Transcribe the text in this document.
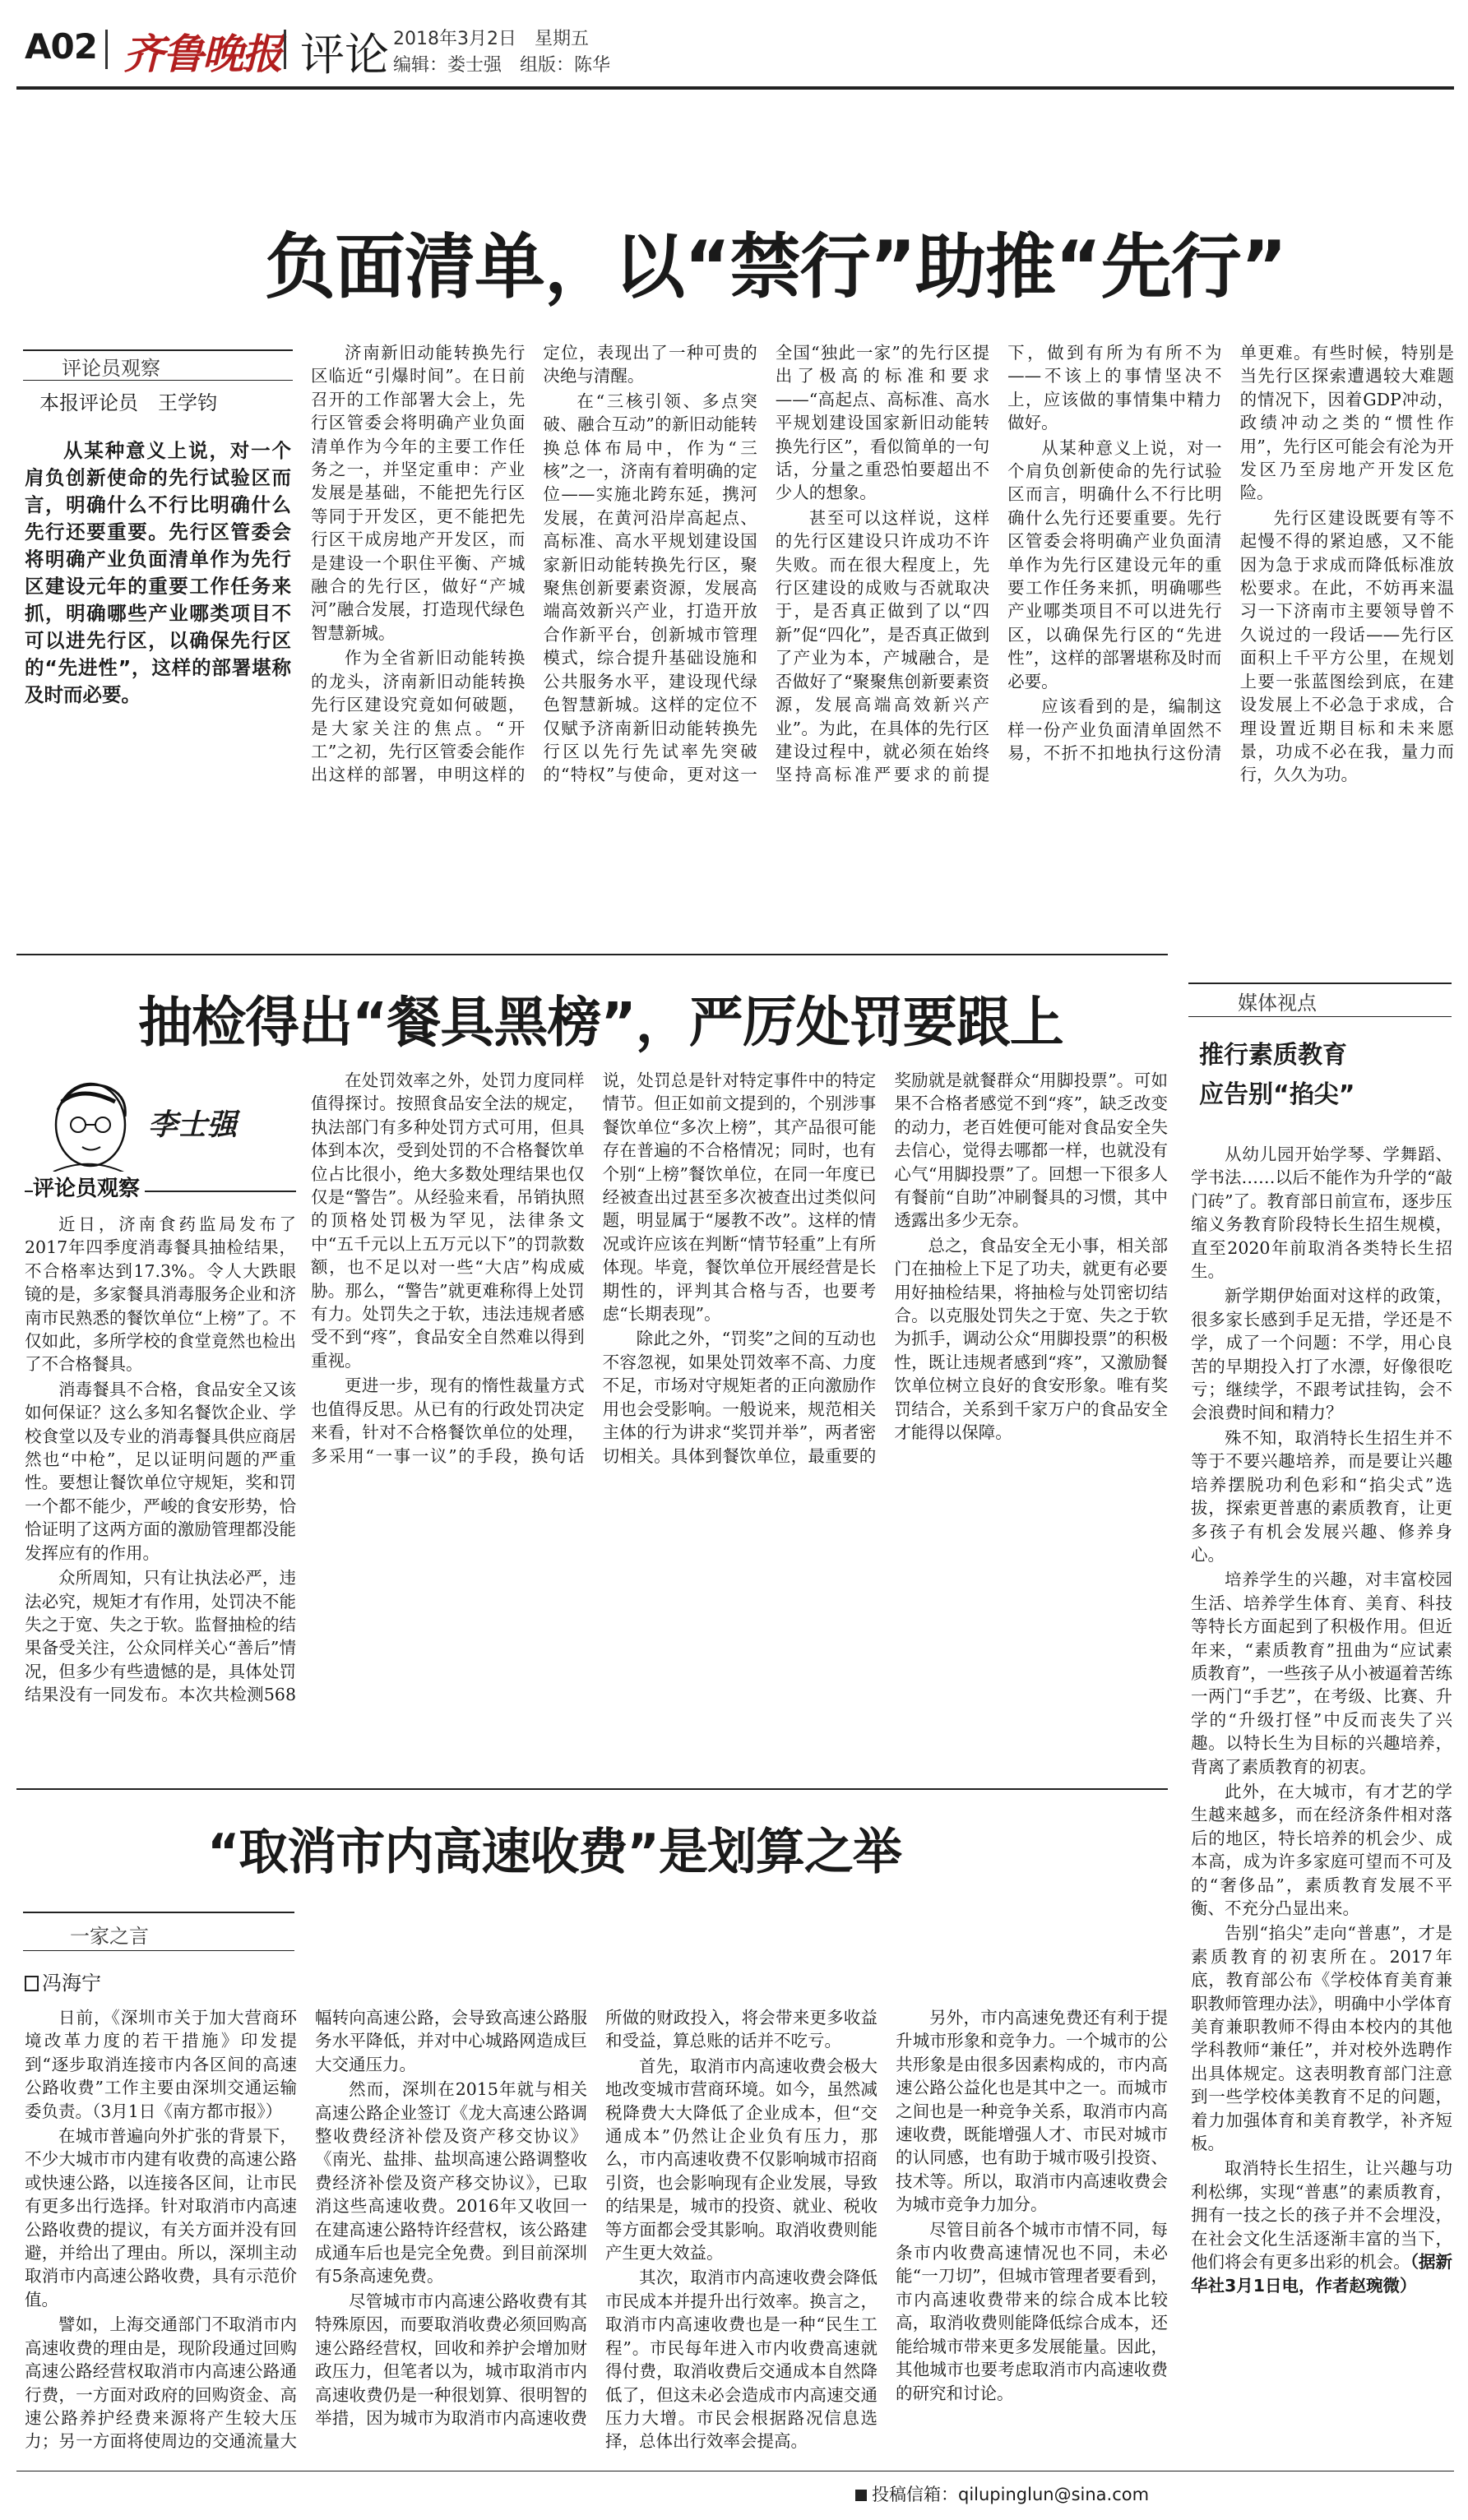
A02 齐鲁晚报 评论 2018年3月2日　星期五
编辑：娄士强　组版：陈华
负面清单，以“禁行”助推“先行”
评论员观察
本报评论员　王学钧

从某种意义上说，对一个肩负创新使命的先行试验区而言，明确什么不行比明确什么先行还要重要。先行区管委会将明确产业负面清单作为先行区建设元年的重要工作任务来抓，明确哪些产业哪类项目不可以进先行区，以确保先行区的“先进性”，这样的部署堪称及时而必要。

济南新旧动能转换先行区临近“引爆时间”。在日前召开的工作部署大会上，先行区管委会将明确产业负面清单作为今年的主要工作任务之一，并坚定重申：产业发展是基础，不能把先行区等同于开发区，更不能把先行区干成房地产开发区，而是建设一个职住平衡、产城融合的先行区，做好“产城河”融合发展，打造现代绿色智慧新城。

作为全省新旧动能转换的龙头，济南新旧动能转换先行区建设究竟如何破题，是大家关注的焦点。“开工”之初，先行区管委会能作出这样的部署，申明这样的定位，表现出了一种可贵的决绝与清醒。

在“三核引领、多点突破、融合互动”的新旧动能转换总体布局中，作为“三核”之一，济南有着明确的定位——实施北跨东延，携河发展，在黄河沿岸高起点、高标准、高水平规划建设国家新旧动能转换先行区，聚聚焦创新要素资源，发展高端高效新兴产业，打造开放合作新平台，创新城市管理模式，综合提升基础设施和公共服务水平，建设现代绿色智慧新城。这样的定位不仅赋予济南新旧动能转换先行区以先行先试率先突破的“特权”与使命，更对这一全国“独此一家”的先行区提出了极高的标准和要求——“高起点、高标准、高水平规划建设国家新旧动能转换先行区”，看似简单的一句话，分量之重恐怕要超出不少人的想象。

甚至可以这样说，这样的先行区建设只许成功不许失败。而在很大程度上，先行区建设的成败与否就取决于，是否真正做到了以“四新”促“四化”，是否真正做到了产业为本，产城融合，是否做好了“聚聚焦创新要素资源，发展高端高效新兴产业”。为此，在具体的先行区建设过程中，就必须在始终坚持高标准严要求的前提下，做到有所为有所不为——不该上的事情坚决不上，应该做的事情集中精力做好。

从某种意义上说，对一个肩负创新使命的先行试验区而言，明确什么不行比明确什么先行还要重要。先行区管委会将明确产业负面清单作为先行区建设元年的重要工作任务来抓，明确哪些产业哪类项目不可以进先行区，以确保先行区的“先进性”，这样的部署堪称及时而必要。

应该看到的是，编制这样一份产业负面清单固然不易，不折不扣地执行这份清单更难。有些时候，特别是当先行区探索遭遇较大难题的情况下，因着GDP冲动，政绩冲动之类的“惯性作用”，先行区可能会有沦为开发区乃至房地产开发区危险。

先行区建设既要有等不起慢不得的紧迫感，又不能因为急于求成而降低标准放松要求。在此，不妨再来温习一下济南市主要领导曾不久说过的一段话——先行区面积上千平方公里，在规划上要一张蓝图绘到底，在建设发展上不必急于求成，合理设置近期目标和未来愿景，功成不必在我，量力而行，久久为功。

抽检得出“餐具黑榜”，严厉处罚要跟上
李士强
评论员观察

近日，济南食药监局发布了2017年四季度消毒餐具抽检结果，不合格率达到17.3%。令人大跌眼镜的是，多家餐具消毒服务企业和济南市民熟悉的餐饮单位“上榜”了。不仅如此，多所学校的食堂竟然也检出了不合格餐具。

消毒餐具不合格，食品安全又该如何保证？这么多知名餐饮企业、学校食堂以及专业的消毒餐具供应商居然也“中枪”，足以证明问题的严重性。要想让餐饮单位守规矩，奖和罚一个都不能少，严峻的食安形势，恰恰证明了这两方面的激励管理都没能发挥应有的作用。

众所周知，只有让执法必严，违法必究，规矩才有作用，处罚决不能失之于宽、失之于软。监督抽检的结果备受关注，公众同样关心“善后”情况，但多少有些遗憾的是，具体处罚结果没有一同发布。本次共检测568

在处罚效率之外，处罚力度同样值得探讨。按照食品安全法的规定，执法部门有多种处罚方式可用，但具体到本次，受到处罚的不合格餐饮单位占比很小，绝大多数处理结果也仅仅是“警告”。从经验来看，吊销执照的顶格处罚极为罕见，法律条文中“五千元以上五万元以下”的罚款数额，也不足以对一些“大店”构成威胁。那么，“警告”就更难称得上处罚有力。处罚失之于软，违法违规者感受不到“疼”，食品安全自然难以得到重视。

更进一步，现有的惰性裁量方式也值得反思。从已有的行政处罚决定来看，针对不合格餐饮单位的处理，多采用“一事一议”的手段，换句话说，处罚总是针对特定事件中的特定情节。但正如前文提到的，个别涉事餐饮单位“多次上榜”，其产品很可能存在普遍的不合格情况；同时，也有个别“上榜”餐饮单位，在同一年度已经被查出过甚至多次被查出过类似问题，明显属于“屡教不改”。这样的情况或许应该在判断“情节轻重”上有所体现。毕竟，餐饮单位开展经营是长期性的，评判其合格与否，也要考虑“长期表现”。

除此之外，“罚奖”之间的互动也不容忽视，如果处罚效率不高、力度不足，市场对守规矩者的正向激励作用也会受影响。一般说来，规范相关主体的行为讲求“奖罚并举”，两者密切相关。具体到餐饮单位，最重要的奖励就是就餐群众“用脚投票”。可如果不合格者感觉不到“疼”，缺乏改变的动力，老百姓便可能对食品安全失去信心，觉得去哪都一样，也就没有心气“用脚投票”了。回想一下很多人有餐前“自助”冲刷餐具的习惯，其中透露出多少无奈。

总之，食品安全无小事，相关部门在抽检上下足了功夫，就更有必要用好抽检结果，将抽检与处罚密切结合。以克服处罚失之于宽、失之于软为抓手，调动公众“用脚投票”的积极性，既让违规者感到“疼”，又激励餐饮单位树立良好的食安形象。唯有奖罚结合，关系到千家万户的食品安全才能得以保障。

“取消市内高速收费”是划算之举
一家之言
冯海宁

日前，《深圳市关于加大营商环境改革力度的若干措施》印发提到“逐步取消连接市内各区间的高速公路收费”工作主要由深圳交通运输委负责。（3月1日《南方都市报》）

在城市普遍向外扩张的背景下，不少大城市市内建有收费的高速公路或快速公路，以连接各区间，让市民有更多出行选择。针对取消市内高速公路收费的提议，有关方面并没有回避，并给出了理由。所以，深圳主动取消市内高速公路收费，具有示范价值。

譬如，上海交通部门不取消市内高速收费的理由是，现阶段通过回购高速公路经营权取消市内高速公路通行费，一方面对政府的回购资金、高速公路养护经费来源将产生较大压力；另一方面将使周边的交通流量大幅转向高速公路，会导致高速公路服务水平降低，并对中心城路网造成巨大交通压力。

然而，深圳在2015年就与相关高速公路企业签订《龙大高速公路调整收费经济补偿及资产移交协议》《南光、盐排、盐坝高速公路调整收费经济补偿及资产移交协议》，已取消这些高速收费。2016年又收回一在建高速公路特许经营权，该公路建成通车后也是完全免费。到目前深圳有5条高速免费。

尽管城市市内高速公路收费有其特殊原因，而要取消收费必须回购高速公路经营权，回收和养护会增加财政压力，但笔者以为，城市取消市内高速收费仍是一种很划算、很明智的举措，因为城市为取消市内高速收费所做的财政投入，将会带来更多收益和受益，算总账的话并不吃亏。

首先，取消市内高速收费会极大地改变城市营商环境。如今，虽然减税降费大大降低了企业成本，但“交通成本”仍然让企业负有压力，那么，市内高速收费不仅影响城市招商引资，也会影响现有企业发展，导致的结果是，城市的投资、就业、税收等方面都会受其影响。取消收费则能产生更大效益。

其次，取消市内高速收费会降低市民成本并提升出行效率。换言之，取消市内高速收费也是一种“民生工程”。市民每年进入市内收费高速就得付费，取消收费后交通成本自然降低了，但这未必会造成市内高速交通压力大增。市民会根据路况信息选择，总体出行效率会提高。

另外，市内高速免费还有利于提升城市形象和竞争力。一个城市的公共形象是由很多因素构成的，市内高速公路公益化也是其中之一。而城市之间也是一种竞争关系，取消市内高速收费，既能增强人才、市民对城市的认同感，也有助于城市吸引投资、技术等。所以，取消市内高速收费会为城市竞争力加分。

尽管目前各个城市市情不同，每条市内收费高速情况也不同，未必能“一刀切”，但城市管理者要看到，市内高速收费带来的综合成本比较高，取消收费则能降低综合成本，还能给城市带来更多发展能量。因此，其他城市也要考虑取消市内高速收费的研究和讨论。

媒体视点
推行素质教育
应告别“掐尖”

从幼儿园开始学琴、学舞蹈、学书法……以后不能作为升学的“敲门砖”了。教育部日前宣布，逐步压缩义务教育阶段特长生招生规模，直至2020年前取消各类特长生招生。

新学期伊始面对这样的政策，很多家长感到手足无措，学还是不学，成了一个问题：不学，用心良苦的早期投入打了水漂，好像很吃亏；继续学，不跟考试挂钩，会不会浪费时间和精力？

殊不知，取消特长生招生并不等于不要兴趣培养，而是要让兴趣培养摆脱功利色彩和“掐尖式”选拔，探索更普惠的素质教育，让更多孩子有机会发展兴趣、修养身心。

培养学生的兴趣，对丰富校园生活、培养学生体育、美育、科技等特长方面起到了积极作用。但近年来，“素质教育”扭曲为“应试素质教育”，一些孩子从小被逼着苦练一两门“手艺”，在考级、比赛、升学的“升级打怪”中反而丧失了兴趣。以特长生为目标的兴趣培养，背离了素质教育的初衷。

此外，在大城市，有才艺的学生越来越多，而在经济条件相对落后的地区，特长培养的机会少、成本高，成为许多家庭可望而不可及的“奢侈品”，素质教育发展不平衡、不充分凸显出来。

告别“掐尖”走向“普惠”，才是素质教育的初衷所在。2017年底，教育部公布《学校体育美育兼职教师管理办法》，明确中小学体育美育兼职教师不得由本校内的其他学科教师“兼任”，并对校外选聘作出具体规定。这表明教育部门注意到一些学校体美教育不足的问题，着力加强体育和美育教学，补齐短板。

取消特长生招生，让兴趣与功利松绑，实现“普惠”的素质教育，拥有一技之长的孩子并不会埋没，在社会文化生活逐渐丰富的当下，他们将会有更多出彩的机会。（据新华社3月1日电，作者赵琬微）

投稿信箱：qilupinglun@sina.com
